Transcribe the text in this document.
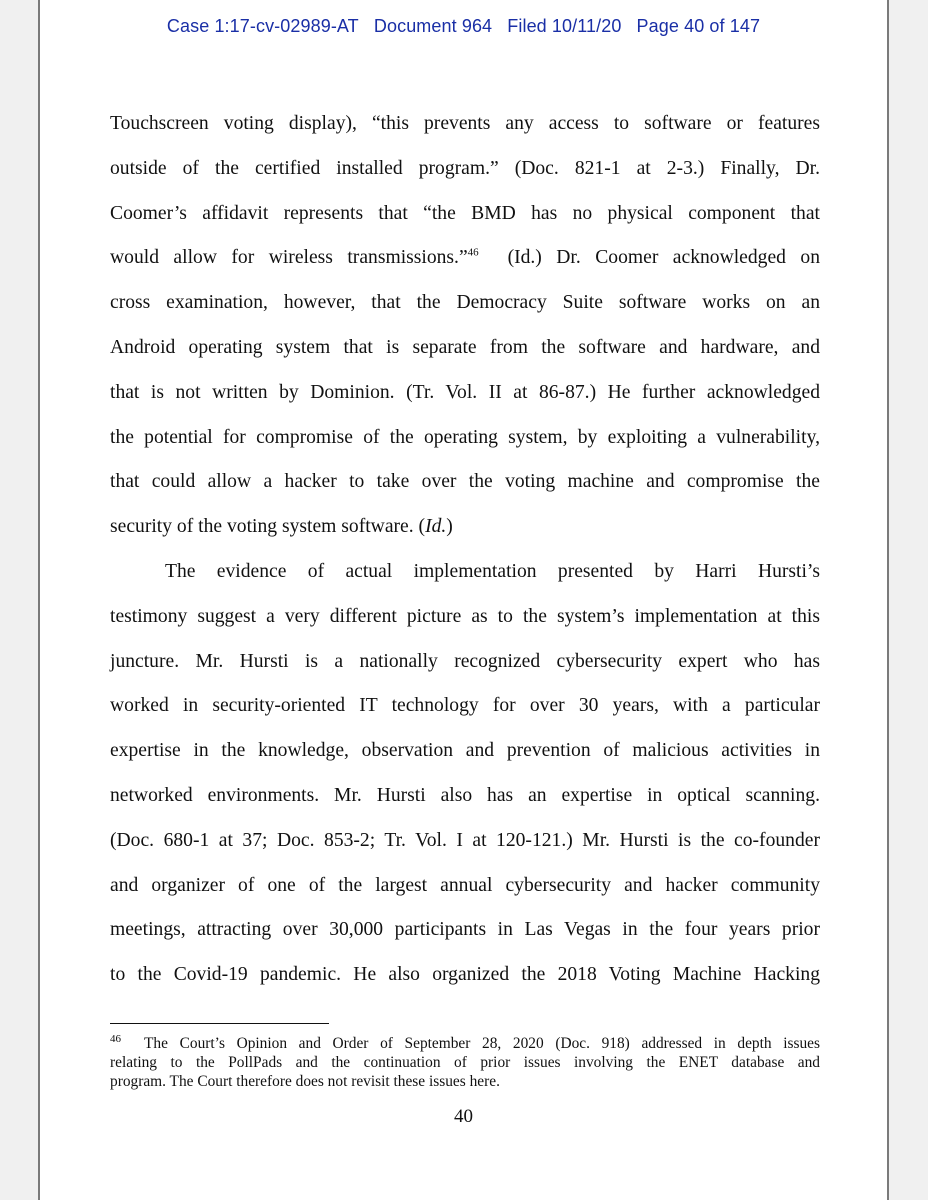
Case 1:17-cv-02989-AT Document 964 Filed 10/11/20 Page 40 of 147

Touchscreen voting display), “this prevents any access to software or features
outside of the certified installed program.” (Doc. 821-1 at 2-3.) Finally, Dr.
Coomer’s affidavit represents that “the BMD has no physical component that
would allow for wireless transmissions.”$^{46}$ (Id.) Dr. Coomer acknowledged on
cross examination, however, that the Democracy Suite software works on an
Android operating system that is separate from the software and hardware, and
that is not written by Dominion. (Tr. Vol. II at 86-87.) He further acknowledged
the potential for compromise of the operating system, by exploiting a vulnerability,
that could allow a hacker to take over the voting machine and compromise the
security of the voting system software. (Id.)

The evidence of actual implementation presented by Harri Hursti’s
testimony suggest a very different picture as to the system’s implementation at this
juncture. Mr. Hursti is a nationally recognized cybersecurity expert who has
worked in security-oriented IT technology for over 30 years, with a particular
expertise in the knowledge, observation and prevention of malicious activities in
networked environments. Mr. Hursti also has an expertise in optical scanning.
(Doc. 680-1 at 37; Doc. 853-2; Tr. Vol. I at 120-121.) Mr. Hursti is the co-founder
and organizer of one of the largest annual cybersecurity and hacker community
meetings, attracting over 30,000 participants in Las Vegas in the four years prior
to the Covid-19 pandemic. He also organized the 2018 Voting Machine Hacking

$^{46}$ The Court’s Opinion and Order of September 28, 2020 (Doc. 918) addressed in depth issues
relating to the PollPads and the continuation of prior issues involving the ENET database and
program. The Court therefore does not revisit these issues here.
40
